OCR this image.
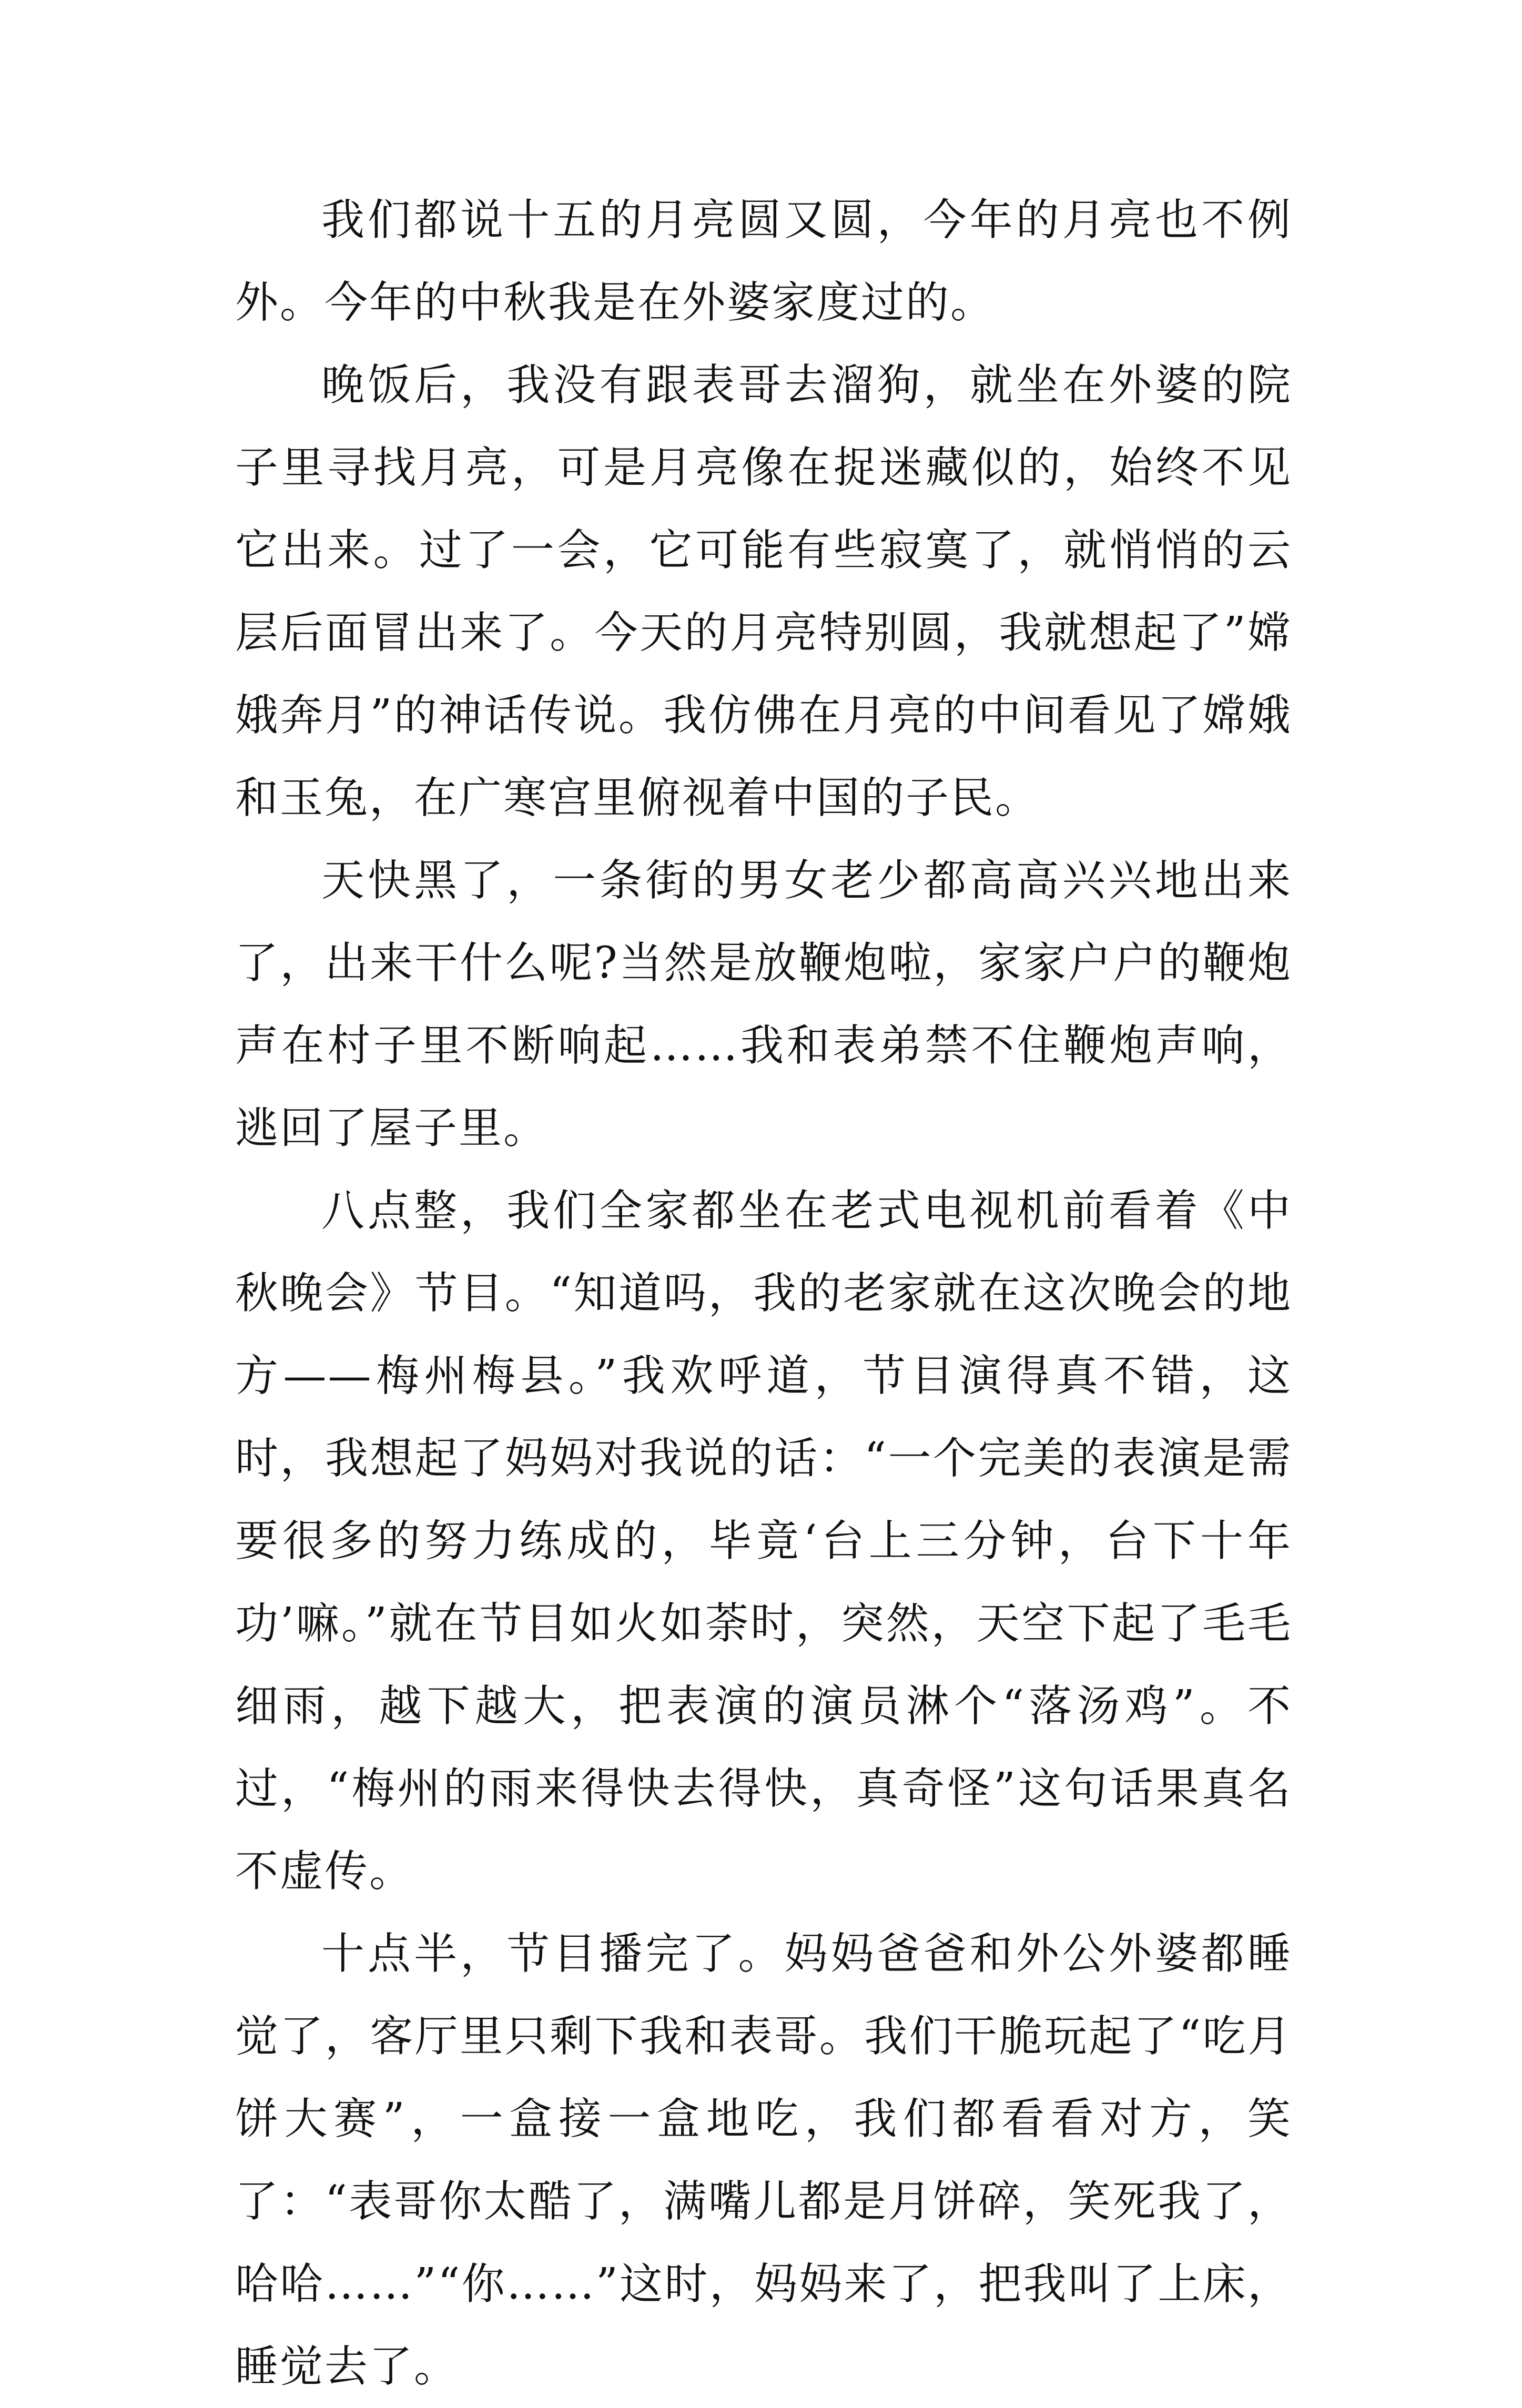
我们都说十五的月亮圆又圆，今年的月亮也不例外。今年的中秋我是在外婆家度过的。

晚饭后，我没有跟表哥去溜狗，就坐在外婆的院子里寻找月亮，可是月亮像在捉迷藏似的，始终不见它出来。过了一会，它可能有些寂寞了，就悄悄的云层后面冒出来了。今天的月亮特别圆，我就想起了”嫦娥奔月”的神话传说。我仿佛在月亮的中间看见了嫦娥和玉兔，在广寒宫里俯视着中国的子民。

天快黑了，一条街的男女老少都高高兴兴地出来了，出来干什么呢?当然是放鞭炮啦，家家户户的鞭炮声在村子里不断响起……我和表弟禁不住鞭炮声响，逃回了屋子里。

八点整，我们全家都坐在老式电视机前看着《中秋晚会》节目。“知道吗，我的老家就在这次晚会的地方——梅州梅县。”我欢呼道，节目演得真不错，这时，我想起了妈妈对我说的话：“一个完美的表演是需要很多的努力练成的，毕竟‘台上三分钟，台下十年功’嘛。”就在节目如火如荼时，突然，天空下起了毛毛细雨，越下越大，把表演的演员淋个“落汤鸡”。不过，“梅州的雨来得快去得快，真奇怪”这句话果真名不虚传。

十点半，节目播完了。妈妈爸爸和外公外婆都睡觉了，客厅里只剩下我和表哥。我们干脆玩起了“吃月饼大赛”，一盒接一盒地吃，我们都看看对方，笑了：“表哥你太酷了，满嘴儿都是月饼碎，笑死我了，哈哈……”“你……”这时，妈妈来了，把我叫了上床，睡觉去了。
